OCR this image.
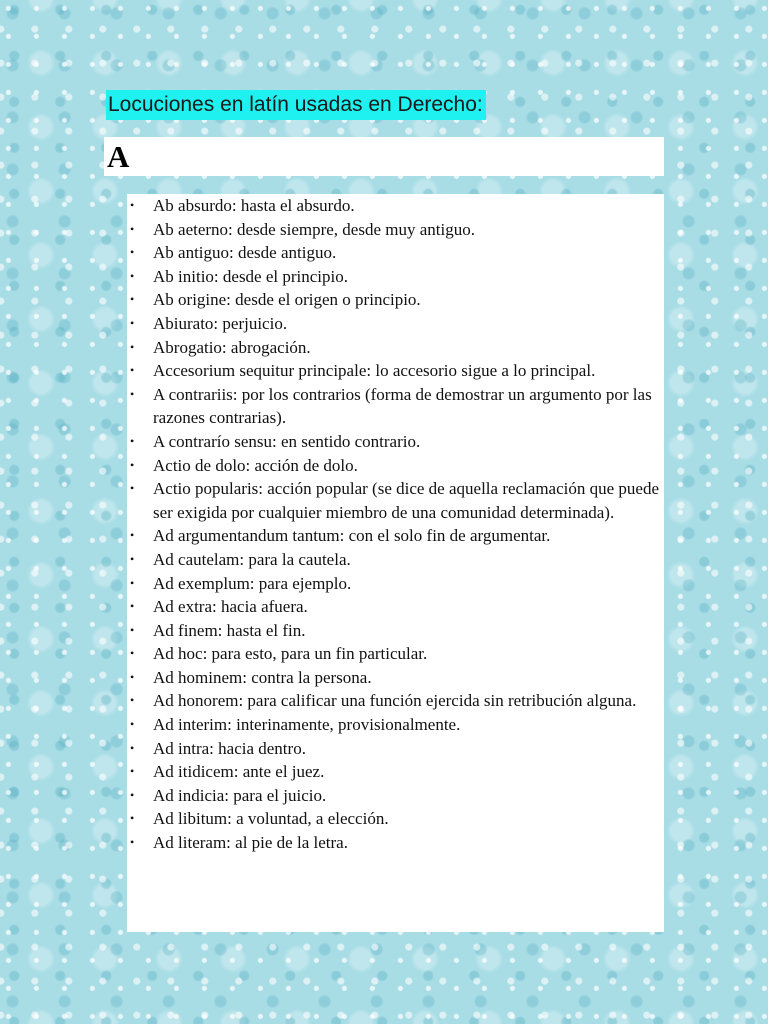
Locuciones en latín usadas en Derecho:
A
• Ab absurdo: hasta el absurdo.
• Ab aeterno: desde siempre, desde muy antiguo.
• Ab antiguo: desde antiguo.
• Ab initio: desde el principio.
• Ab origine: desde el origen o principio.
• Abiurato: perjuicio.
• Abrogatio: abrogación.
• Accesorium sequitur principale: lo accesorio sigue a lo principal.
• A contrariis: por los contrarios (forma de demostrar un argumento por las razones contrarias).
• A contrarío sensu: en sentido contrario.
• Actio de dolo: acción de dolo.
• Actio popularis: acción popular (se dice de aquella reclamación que puede ser exigida por cualquier miembro de una comunidad determinada).
• Ad argumentandum tantum: con el solo fin de argumentar.
• Ad cautelam: para la cautela.
• Ad exemplum: para ejemplo.
• Ad extra: hacia afuera.
• Ad finem: hasta el fin.
• Ad hoc: para esto, para un fin particular.
• Ad hominem: contra la persona.
• Ad honorem: para calificar una función ejercida sin retribución alguna.
• Ad interim: interinamente, provisionalmente.
• Ad intra: hacia dentro.
• Ad itidicem: ante el juez.
• Ad indicia: para el juicio.
• Ad libitum: a voluntad, a elección.
• Ad literam: al pie de la letra.
